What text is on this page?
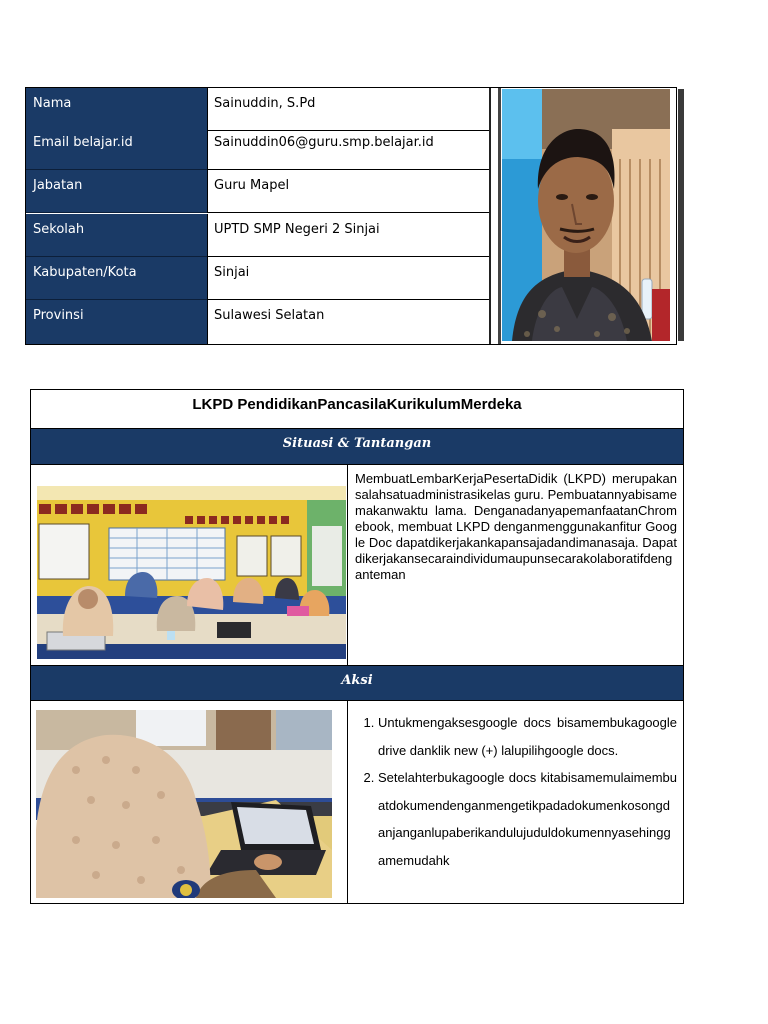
Nama	Sainuddin, S.Pd
Email belajar.id	Sainuddin06@guru.smp.belajar.id
Jabatan	Guru Mapel
Sekolah	UPTD SMP Negeri 2 Sinjai
Kabupaten/Kota	Sinjai
Provinsi	Sulawesi Selatan
LKPD PendidikanPancasilaKurikulumMerdeka
Situasi & Tantangan
MembuatLembarKerjaPesertaDidik (LKPD) merupakansalahsatuadministrasikelas guru. Pembuatannyabisamemakanwaktu lama. DenganadanyapemanfaatanChromebook, membuat LKPD denganmenggunakanfitur Google Doc dapatdikerjakankapansajadandimanasaja. Dapatdikerjakansecaraindividumaupunsecarakolaboratifdenganteman
Aksi
1. Untukmengaksesgoogle docs bisamembukagoogle drive danklik new (+) lalupilihgoogle docs.
2. Setelahterbukagoogle docs kitabisamemulaimembuatdokumendenganmengetikpadadokumenkosongdanjanganlupaberikandulujuduldokumennyasehinggamemudahk
